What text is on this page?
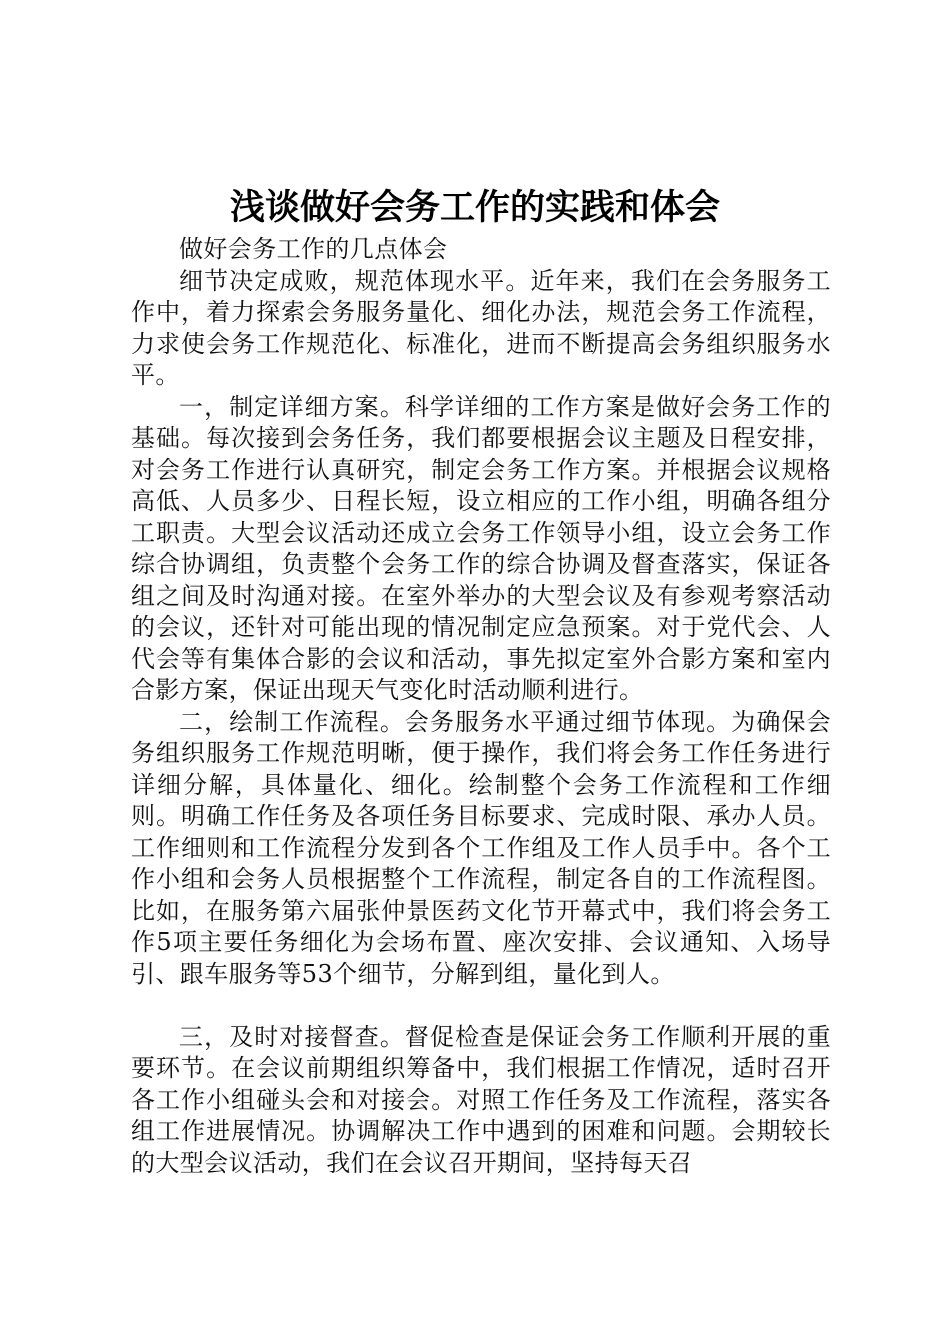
浅谈做好会务工作的实践和体会

做好会务工作的几点体会

细节决定成败，规范体现水平。近年来，我们在会务服务工作中，着力探索会务服务量化、细化办法，规范会务工作流程，力求使会务工作规范化、标准化，进而不断提高会务组织服务水平。

一，制定详细方案。科学详细的工作方案是做好会务工作的基础。每次接到会务任务，我们都要根据会议主题及日程安排，对会务工作进行认真研究，制定会务工作方案。并根据会议规格高低、人员多少、日程长短，设立相应的工作小组，明确各组分工职责。大型会议活动还成立会务工作领导小组，设立会务工作综合协调组，负责整个会务工作的综合协调及督查落实，保证各组之间及时沟通对接。在室外举办的大型会议及有参观考察活动的会议，还针对可能出现的情况制定应急预案。对于党代会、人代会等有集体合影的会议和活动，事先拟定室外合影方案和室内合影方案，保证出现天气变化时活动顺利进行。

二，绘制工作流程。会务服务水平通过细节体现。为确保会务组织服务工作规范明晰，便于操作，我们将会务工作任务进行详细分解，具体量化、细化。绘制整个会务工作流程和工作细则。明确工作任务及各项任务目标要求、完成时限、承办人员。工作细则和工作流程分发到各个工作组及工作人员手中。各个工作小组和会务人员根据整个工作流程，制定各自的工作流程图。比如，在服务第六届张仲景医药文化节开幕式中，我们将会务工作5项主要任务细化为会场布置、座次安排、会议通知、入场导引、跟车服务等53个细节，分解到组，量化到人。

三，及时对接督查。督促检查是保证会务工作顺利开展的重要环节。在会议前期组织筹备中，我们根据工作情况，适时召开各工作小组碰头会和对接会。对照工作任务及工作流程，落实各组工作进展情况。协调解决工作中遇到的困难和问题。会期较长的大型会议活动，我们在会议召开期间，坚持每天召
